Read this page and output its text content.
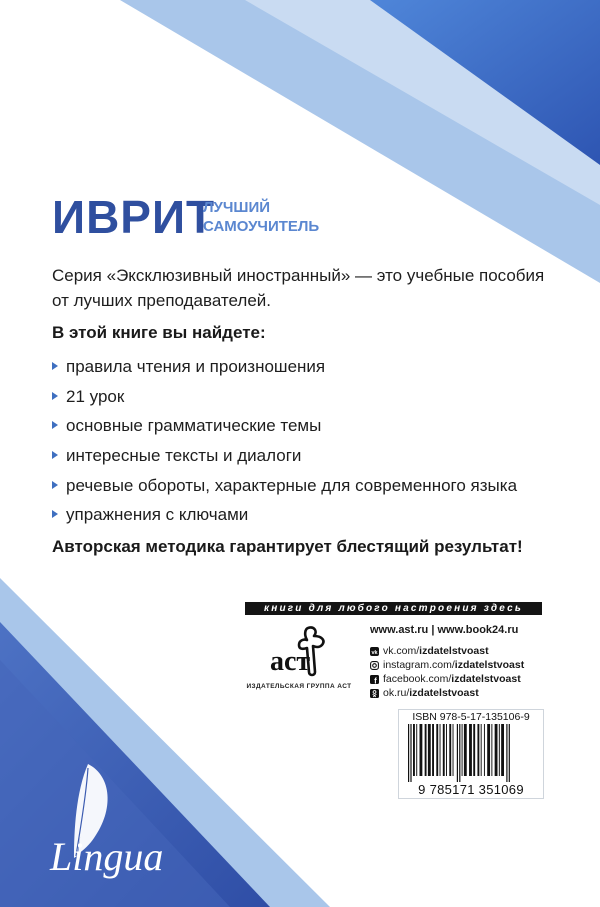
ИВРИТ
ЛУЧШИЙ
САМОУЧИТЕЛЬ
Серия «Эксклюзивный иностранный» — это учебные пособия от лучших преподавателей.
В этой книге вы найдете:
правила чтения и произношения
21 урок
основные грамматические темы
интересные тексты и диалоги
речевые обороты, характерные для современного языка
упражнения с ключами
Авторская методика гарантирует блестящий результат!
книги для любого настроения здесь
аст
ИЗДАТЕЛЬСКАЯ ГРУППА АСТ
www.ast.ru | www.book24.ru
vk vk.com/ izdatelstvoast
instagram.com/ izdatelstvoast
f facebook.com/ izdatelstvoast
ok.ru/ izdatelstvoast
ISBN 978-5-17-135106-9
9 785171 351069
Lingua
